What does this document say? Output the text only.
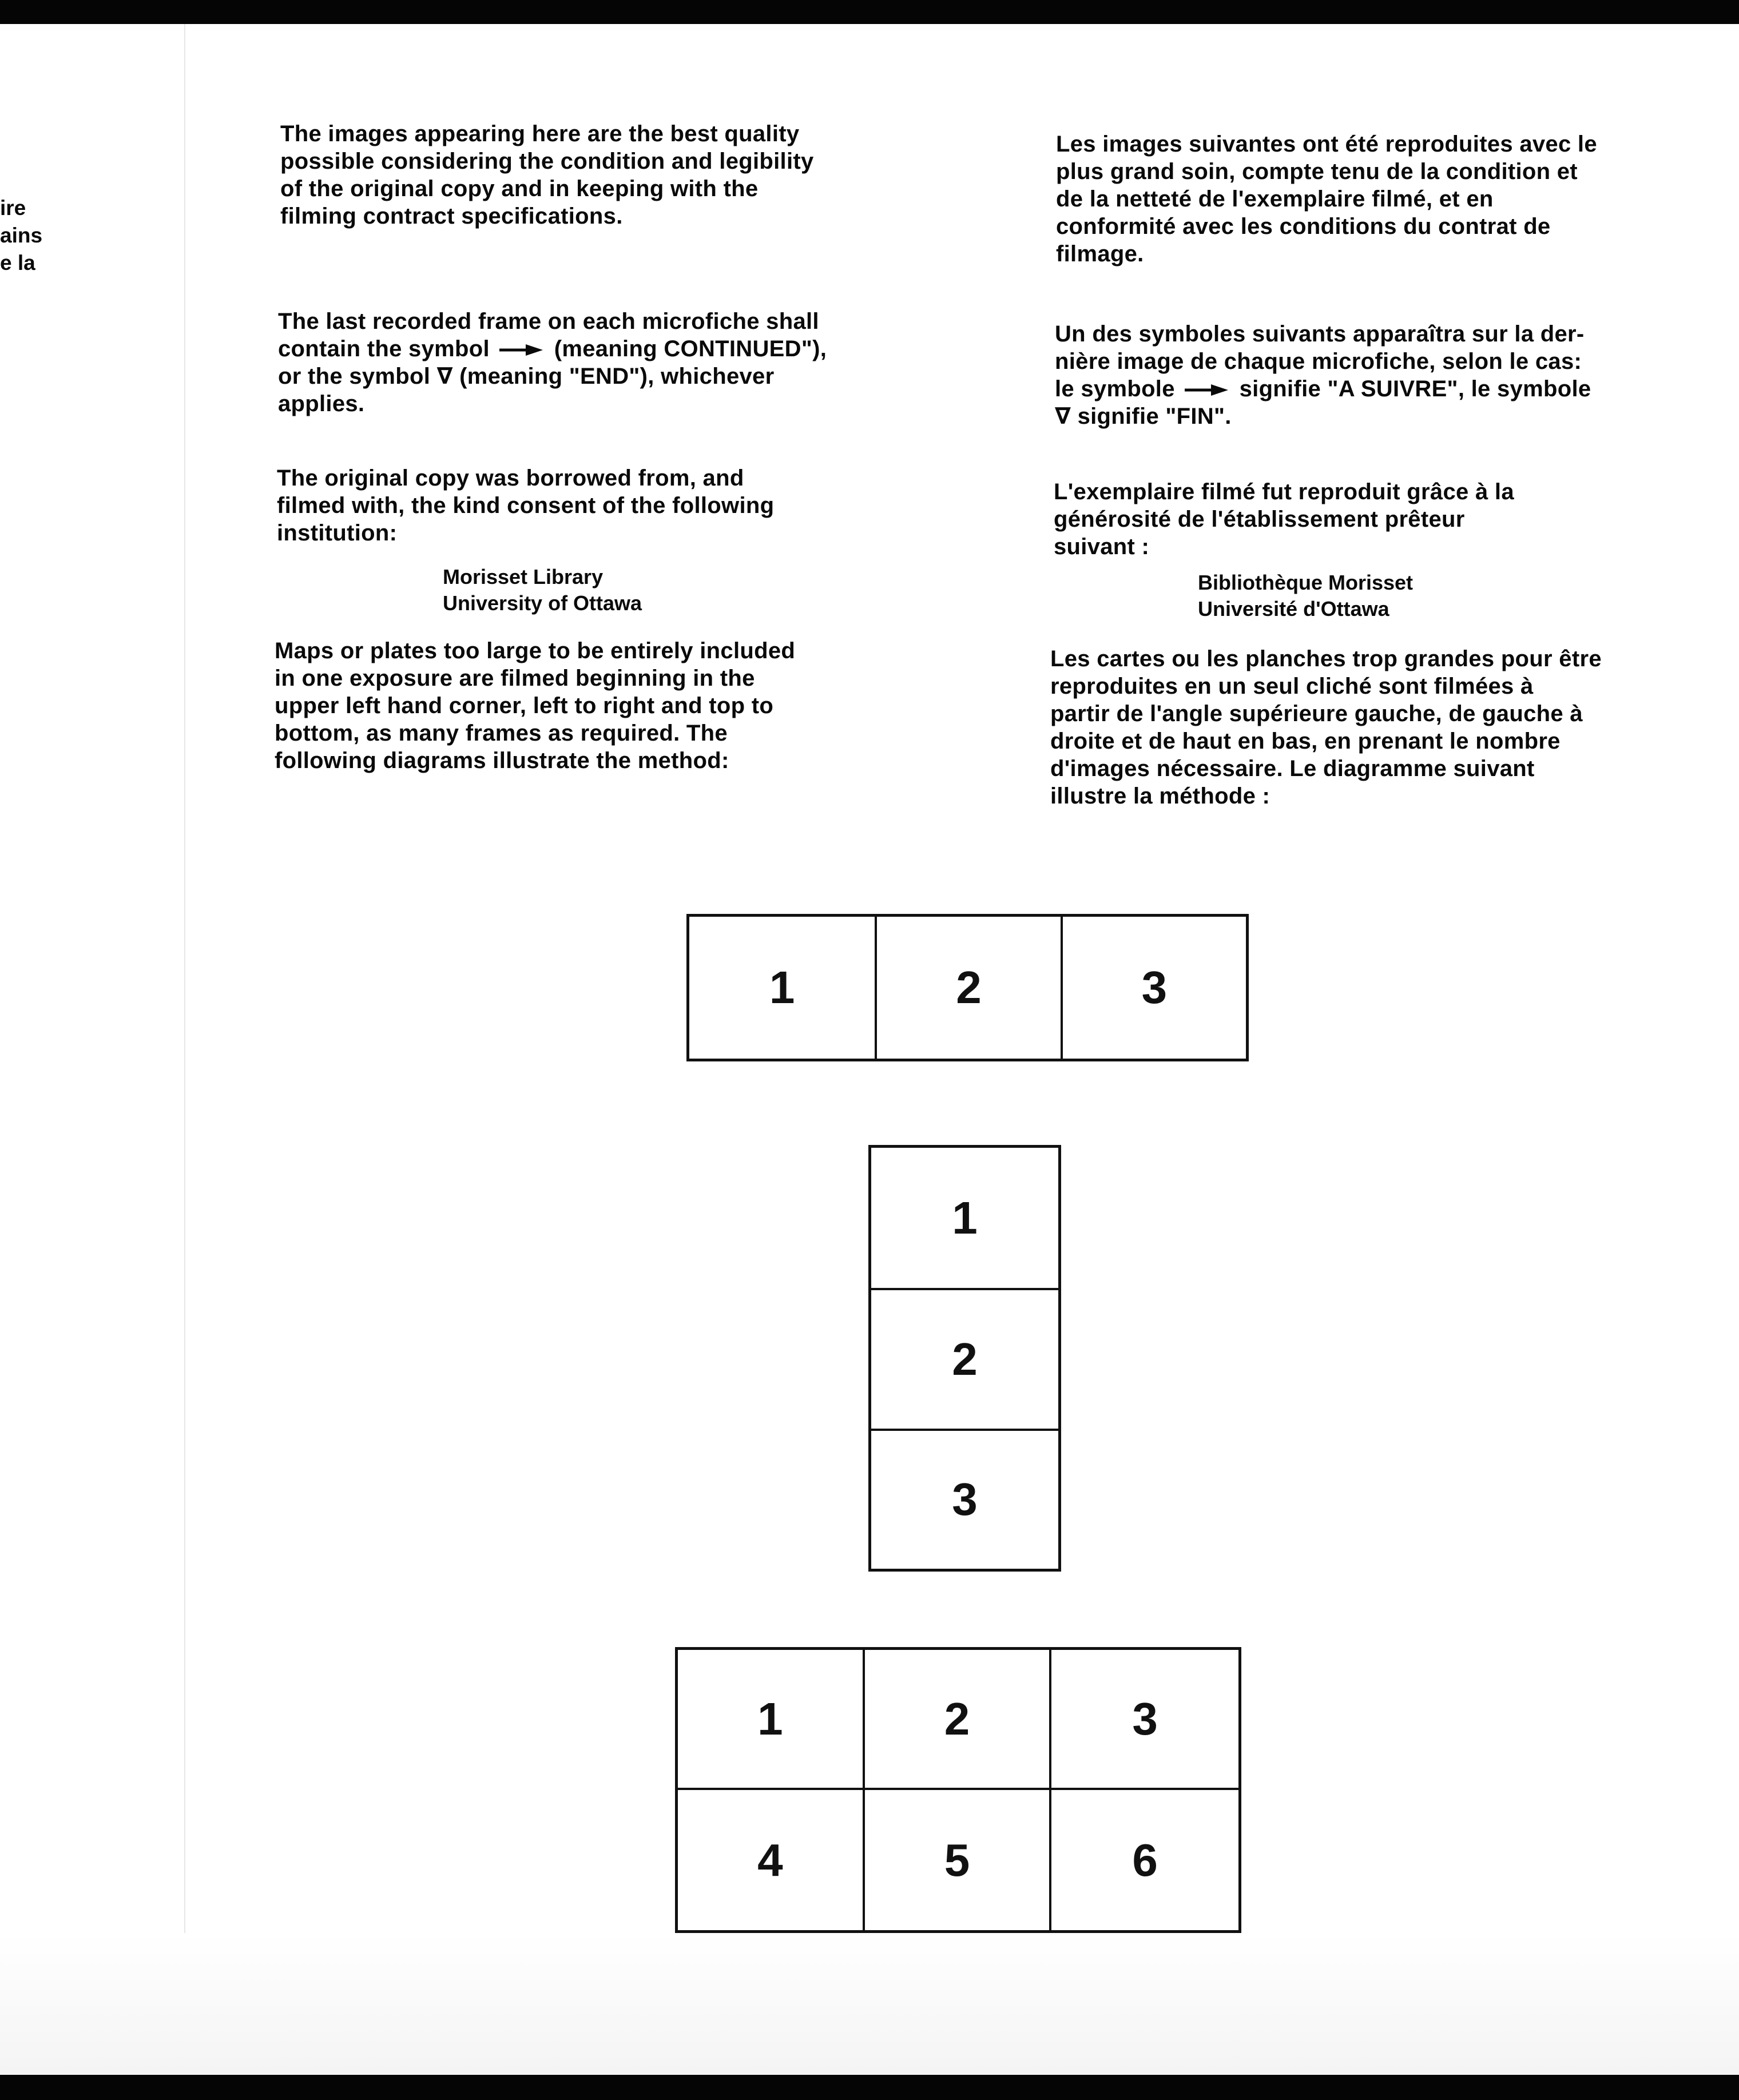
ire
ains
e la
The images appearing here are the best quality
possible considering the condition and legibility
of the original copy and in keeping with the
filming contract specifications.
The last recorded frame on each microfiche shall
contain the symbol	(meaning CONTINUED"),
or the symbol ∇ (meaning "END"), whichever
applies.
The original copy was borrowed from, and
filmed with, the kind consent of the following
institution:
Morisset Library
University of Ottawa
Maps or plates too large to be entirely included
in one exposure are filmed beginning in the
upper left hand corner, left to right and top to
bottom, as many frames as required. The
following diagrams illustrate the method:
Les images suivantes ont été reproduites avec le
plus grand soin, compte tenu de la condition et
de la netteté de l'exemplaire filmé, et en
conformité avec les conditions du contrat de
filmage.
Un des symboles suivants apparaîtra sur la der-
nière image de chaque microfiche, selon le cas:
le symbole	signifie "A SUIVRE", le symbole
∇ signifie "FIN".
L'exemplaire filmé fut reproduit grâce à la
générosité de l'établissement prêteur
suivant :
Bibliothèque Morisset
Université d'Ottawa
Les cartes ou les planches trop grandes pour être
reproduites en un seul cliché sont filmées à
partir de l'angle supérieure gauche, de gauche à
droite et de haut en bas, en prenant le nombre
d'images nécessaire. Le diagramme suivant
illustre la méthode :
1	2	3
1
2
3
1	2	3
4	5	6
